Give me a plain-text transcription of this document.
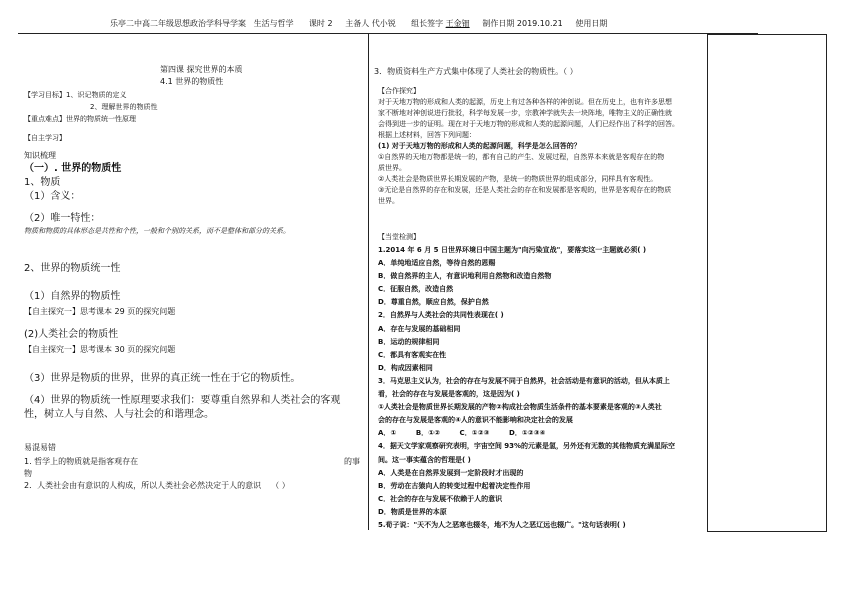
乐亭二中高二年级思想政治学科导学案 生活与哲学 课时 2 主备人 代小锐 组长签字 王金钿 制作日期 2019.10.21 使用日期
第四课 探究世界的本质
4.1 世界的物质性
【学习目标】1、识记物质的定义
2、理解世界的物质性
【重点难点】世界的物质统一性原理
【自主学习】
知识梳理
（一）. 世界的物质性
1、物质
（1）含义：
（2）唯一特性：
物质和物质的具体形态是共性和个性，一般和个别的关系，而不是整体和部分的关系。
2、世界的物质统一性
（1）自然界的物质性
【自主探究一】思考课本 29 页的探究问题
(2)人类社会的物质性
【自主探究一】思考课本 30 页的探究问题
（3）世界是物质的世界，世界的真正统一性在于它的物质性。
（4）世界的物质统一性原理要求我们：要尊重自然界和人类社会的客观
性，树立人与自然、人与社会的和谐理念。
易混易错
1. 哲学上的物质就是指客观存在	的事
物
2．人类社会由有意识的人构成，所以人类社会必然决定于人的意识 （ ）
3．物质资料生产方式集中体现了人类社会的物质性。（ ）
【合作探究】
对于天地万物的形成和人类的起源，历史上有过各种各样的神创说。但在历史上，也有许多思想
家不断地对神创说进行批驳，科学每发展一步，宗教神学就失去一块阵地，唯物主义的正确性就
会得到进一步的证明。现在对于天地万物的形成和人类的起源问题，人们已经作出了科学的回答。
根据上述材料，回答下列问题：
(1) 对于天地万物的形成和人类的起源问题，科学是怎么回答的？
①自然界的天地万物都是统一的，都有自己的产生、发展过程，自然界本来就是客观存在的物
质世界。
②人类社会是物质世界长期发展的产物，是统一的物质世界的组成部分，同样具有客观性。
③无论是自然界的存在和发展，还是人类社会的存在和发展都是客观的，世界是客观存在的物质
世界。
【当堂检测】
1.2014 年 6 月 5 日世界环境日中国主题为"向污染宣战"，要落实这一主题就必须( )
A．单纯地适应自然，等待自然的恩赐
B．做自然界的主人，有意识地利用自然物和改造自然物
C．征服自然，改造自然
D．尊重自然，顺应自然，保护自然
2．自然界与人类社会的共同性表现在( )
A．存在与发展的基础相同
B．运动的规律相同
C．都具有客观实在性
D．构成因素相同
3．马克思主义认为，社会的存在与发展不同于自然界，社会活动是有意识的活动，但从本质上
看，社会的存在与发展是客观的，这是因为( )
①人类社会是物质世界长期发展的产物②构成社会物质生活条件的基本要素是客观的③人类社
会的存在与发展是客观的④人的意识不能影响和决定社会的发展
A．①        B．①②        C．①②③        D．①②③④
4．据天文学家观察研究表明，宇宙空间 93%的元素是氢，另外还有无数的其他物质充满星际空
间。这一事实蕴含的哲理是( )
A．人类是在自然界发展到一定阶段时才出现的
B．劳动在古猿向人的转变过程中起着决定性作用
C．社会的存在与发展不依赖于人的意识
D．物质是世界的本原
5.荀子说："天不为人之恶寒也辍冬，地不为人之恶辽远也辍广。"这句话表明( )
